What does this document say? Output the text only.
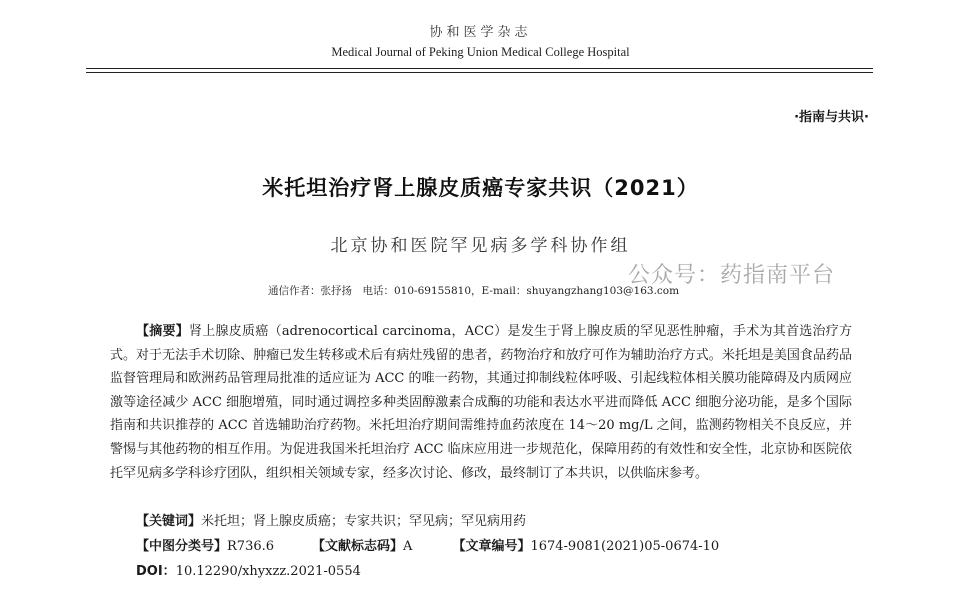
协和医学杂志
Medical Journal of Peking Union Medical College Hospital
·指南与共识·
米托坦治疗肾上腺皮质癌专家共识（2021）
北京协和医院罕见病多学科协作组
公众号：药指南平台
通信作者：张抒扬　电话：010-69155810，E-mail：shuyangzhang103@163.com
【摘要】肾上腺皮质癌（adrenocortical carcinoma，ACC）是发生于肾上腺皮质的罕见恶性肿瘤，手术为其首选治疗方式。对于无法手术切除、肿瘤已发生转移或术后有病灶残留的患者，药物治疗和放疗可作为辅助治疗方式。米托坦是美国食品药品监督管理局和欧洲药品管理局批准的适应证为 ACC 的唯一药物，其通过抑制线粒体呼吸、引起线粒体相关膜功能障碍及内质网应激等途径减少 ACC 细胞增殖，同时通过调控多种类固醇激素合成酶的功能和表达水平进而降低 ACC 细胞分泌功能，是多个国际指南和共识推荐的 ACC 首选辅助治疗药物。米托坦治疗期间需维持血药浓度在 14～20 mg/L 之间，监测药物相关不良反应，并警惕与其他药物的相互作用。为促进我国米托坦治疗 ACC 临床应用进一步规范化，保障用药的有效性和安全性，北京协和医院依托罕见病多学科诊疗团队，组织相关领域专家，经多次讨论、修改，最终制订了本共识，以供临床参考。
【关键词】米托坦；肾上腺皮质癌；专家共识；罕见病；罕见病用药
【中图分类号】R736.6	【文献标志码】A	【文章编号】1674-9081(2021)05-0674-10
DOI：10.12290/xhyxzz.2021-0554
